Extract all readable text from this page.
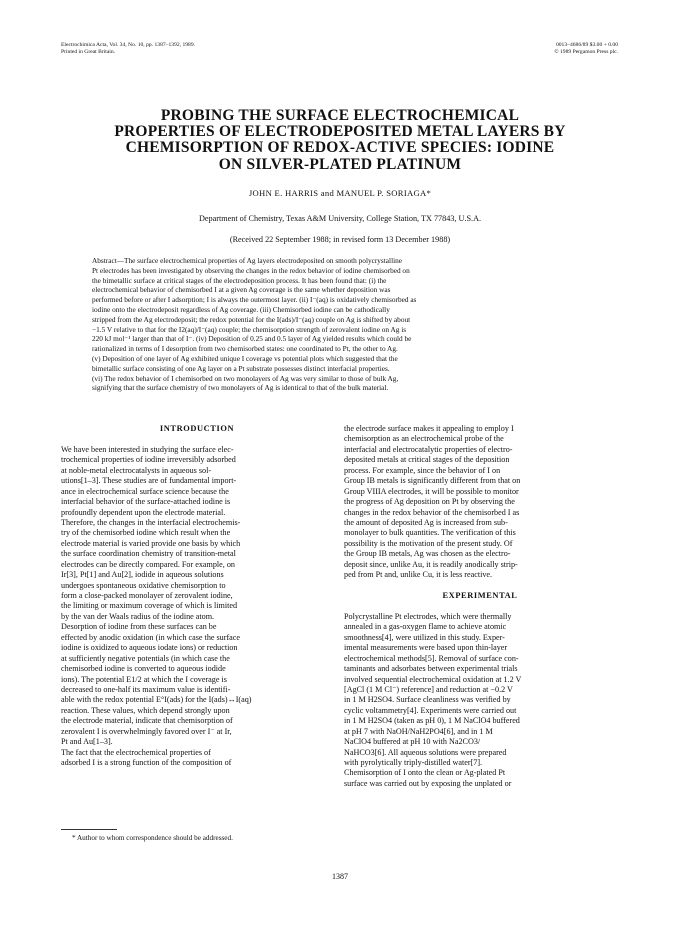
Electrochimica Acta, Vol. 34, No. 10, pp. 1387–1392, 1989.
Printed in Great Britain.
0013–4686/89 $3.00 + 0.00
© 1989 Pergamon Press plc.
PROBING THE SURFACE ELECTROCHEMICAL
PROPERTIES OF ELECTRODEPOSITED METAL LAYERS BY
CHEMISORPTION OF REDOX-ACTIVE SPECIES: IODINE
ON SILVER-PLATED PLATINUM
JOHN E. HARRIS and MANUEL P. SORIAGA*
Department of Chemistry, Texas A&M University, College Station, TX 77843, U.S.A.
(Received 22 September 1988; in revised form 13 December 1988)
Abstract—The surface electrochemical properties of Ag layers electrodeposited on smooth polycrystalline
Pt electrodes has been investigated by observing the changes in the redox behavior of iodine chemisorbed on
the bimetallic surface at critical stages of the electrodeposition process. It has been found that: (i) the
electrochemical behavior of chemisorbed I at a given Ag coverage is the same whether deposition was
performed before or after I adsorption; I is always the outermost layer. (ii) I⁻(aq) is oxidatively chemisorbed as
iodine onto the electrodeposit regardless of Ag coverage. (iii) Chemisorbed iodine can be cathodically
stripped from the Ag electrodeposit; the redox potential for the I(ads)/I⁻(aq) couple on Ag is shifted by about
−1.5 V relative to that for the I2(aq)/I⁻(aq) couple; the chemisorption strength of zerovalent iodine on Ag is
220 kJ mol⁻¹ larger than that of I⁻. (iv) Deposition of 0.25 and 0.5 layer of Ag yielded results which could be
rationalized in terms of I desorption from two chemisorbed states: one coordinated to Pt, the other to Ag.
(v) Deposition of one layer of Ag exhibited unique I coverage vs potential plots which suggested that the
bimetallic surface consisting of one Ag layer on a Pt substrate possesses distinct interfacial properties.
(vi) The redox behavior of I chemisorbed on two monolayers of Ag was very similar to those of bulk Ag,
signifying that the surface chemistry of two monolayers of Ag is identical to that of the bulk material.
INTRODUCTION
We have been interested in studying the surface elec-
trochemical properties of iodine irreversibly adsorbed
at noble-metal electrocatalysts in aqueous sol-
utions[1–3]. These studies are of fundamental import-
ance in electrochemical surface science because the
interfacial behavior of the surface-attached iodine is
profoundly dependent upon the electrode material.
Therefore, the changes in the interfacial electrochemis-
try of the chemisorbed iodine which result when the
electrode material is varied provide one basis by which
the surface coordination chemistry of transition-metal
electrodes can be directly compared. For example, on
Ir[3], Pt[1] and Au[2], iodide in aqueous solutions
undergoes spontaneous oxidative chemisorption to
form a close-packed monolayer of zerovalent iodine,
the limiting or maximum coverage of which is limited
by the van der Waals radius of the iodine atom.
Desorption of iodine from these surfaces can be
effected by anodic oxidation (in which case the surface
iodine is oxidized to aqueous iodate ions) or reduction
at sufficiently negative potentials (in which case the
chemisorbed iodine is converted to aqueous iodide
ions). The potential E1/2 at which the I coverage is
decreased to one-half its maximum value is identifi-
able with the redox potential E°I(ads) for the I(ads)↔I(aq)
reaction. These values, which depend strongly upon
the electrode material, indicate that chemisorption of
zerovalent I is overwhelmingly favored over I⁻ at Ir,
Pt and Au[1–3].
The fact that the electrochemical properties of
adsorbed I is a strong function of the composition of
the electrode surface makes it appealing to employ I
chemisorption as an electrochemical probe of the
interfacial and electrocatalytic properties of electro-
deposited metals at critical stages of the deposition
process. For example, since the behavior of I on
Group IB metals is significantly different from that on
Group VIIIA electrodes, it will be possible to monitor
the progress of Ag deposition on Pt by observing the
changes in the redox behavior of the chemisorbed I as
the amount of deposited Ag is increased from sub-
monolayer to bulk quantities. The verification of this
possibility is the motivation of the present study. Of
the Group IB metals, Ag was chosen as the electro-
deposit since, unlike Au, it is readily anodically strip-
ped from Pt and, unlike Cu, it is less reactive.
EXPERIMENTAL
Polycrystalline Pt electrodes, which were thermally
annealed in a gas-oxygen flame to achieve atomic
smoothness[4], were utilized in this study. Exper-
imental measurements were based upon thin-layer
electrochemical methods[5]. Removal of surface con-
taminants and adsorbates between experimental trials
involved sequential electrochemical oxidation at 1.2 V
[AgCl (1 M Cl⁻) reference] and reduction at −0.2 V
in 1 M H2SO4. Surface cleanliness was verified by
cyclic voltammetry[4]. Experiments were carried out
in 1 M H2SO4 (taken as pH 0), 1 M NaClO4 buffered
at pH 7 with NaOH/NaH2PO4[6], and in 1 M
NaClO4 buffered at pH 10 with Na2CO3/
NaHCO3[6]. All aqueous solutions were prepared
with pyrolytically triply-distilled water[7].
Chemisorption of I onto the clean or Ag-plated Pt
surface was carried out by exposing the unplated or
* Author to whom correspondence should be addressed.
1387
